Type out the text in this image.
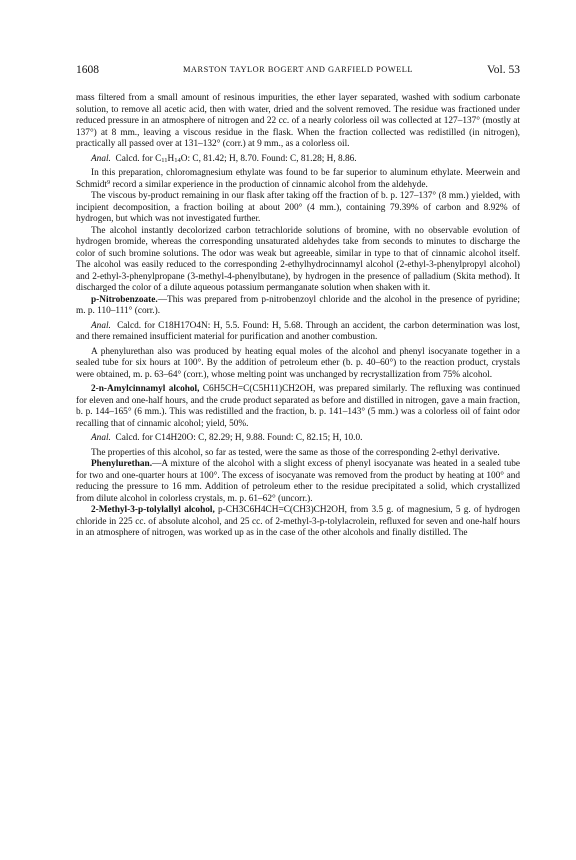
1608	MARSTON TAYLOR BOGERT AND GARFIELD POWELL	Vol. 53

mass filtered from a small amount of resinous impurities, the ether layer separated, washed with sodium carbonate solution, to remove all acetic acid, then with water, dried and the solvent removed. The residue was fractioned under reduced pressure in an atmosphere of nitrogen and 22 cc. of a nearly colorless oil was collected at 127–137° (mostly at 137°) at 8 mm., leaving a viscous residue in the flask. When the fraction collected was redistilled (in nitrogen), practically all passed over at 131–132° (corr.) at 9 mm., as a colorless oil.

Anal. Calcd. for $C_{11}H_{14}O$: C, 81.42; H, 8.70. Found: C, 81.28; H, 8.86.

In this preparation, chloromagnesium ethylate was found to be far superior to aluminum ethylate. Meerwein and Schmidt$^9$ record a similar experience in the production of cinnamic alcohol from the aldehyde.

The viscous by-product remaining in our flask after taking off the fraction of b. p. 127–137° (8 mm.) yielded, with incipient decomposition, a fraction boiling at about 200° (4 mm.), containing 79.39% of carbon and 8.92% of hydrogen, but which was not investigated further.

The alcohol instantly decolorized carbon tetrachloride solutions of bromine, with no observable evolution of hydrogen bromide, whereas the corresponding unsaturated aldehydes take from seconds to minutes to discharge the color of such bromine solutions. The odor was weak but agreeable, similar in type to that of cinnamic alcohol itself. The alcohol was easily reduced to the corresponding 2-ethylhydrocinnamyl alcohol (2-ethyl-3-phenylpropyl alcohol) and 2-ethyl-3-phenylpropane (3-methyl-4-phenylbutane), by hydrogen in the presence of palladium (Skita method). It discharged the color of a dilute aqueous potassium permanganate solution when shaken with it.

p-Nitrobenzoate.—This was prepared from p-nitrobenzoyl chloride and the alcohol in the presence of pyridine; m. p. 110–111° (corr.).

Anal. Calcd. for C18H17O4N: H, 5.5. Found: H, 5.68. Through an accident, the carbon determination was lost, and there remained insufficient material for purification and another combustion.

A phenylurethan also was produced by heating equal moles of the alcohol and phenyl isocyanate together in a sealed tube for six hours at 100°. By the addition of petroleum ether (b. p. 40–60°) to the reaction product, crystals were obtained, m. p. 63–64° (corr.), whose melting point was unchanged by recrystallization from 75% alcohol.

2-n-Amylcinnamyl alcohol, C6H5CH=C(C5H11)CH2OH, was prepared similarly. The refluxing was continued for eleven and one-half hours, and the crude product separated as before and distilled in nitrogen, gave a main fraction, b. p. 144–165° (6 mm.). This was redistilled and the fraction, b. p. 141–143° (5 mm.) was a colorless oil of faint odor recalling that of cinnamic alcohol; yield, 50%.

Anal. Calcd. for C14H20O: C, 82.29; H, 9.88. Found: C, 82.15; H, 10.0.

The properties of this alcohol, so far as tested, were the same as those of the corresponding 2-ethyl derivative.

Phenylurethan.—A mixture of the alcohol with a slight excess of phenyl isocyanate was heated in a sealed tube for two and one-quarter hours at 100°. The excess of isocyanate was removed from the product by heating at 100° and reducing the pressure to 16 mm. Addition of petroleum ether to the residue precipitated a solid, which crystallized from dilute alcohol in colorless crystals, m. p. 61–62° (uncorr.).

2-Methyl-3-p-tolylallyl alcohol, p-CH3C6H4CH=C(CH3)CH2OH, from 3.5 g. of magnesium, 5 g. of hydrogen chloride in 225 cc. of absolute alcohol, and 25 cc. of 2-methyl-3-p-tolylacrolein, refluxed for seven and one-half hours in an atmosphere of nitrogen, was worked up as in the case of the other alcohols and finally distilled. The
